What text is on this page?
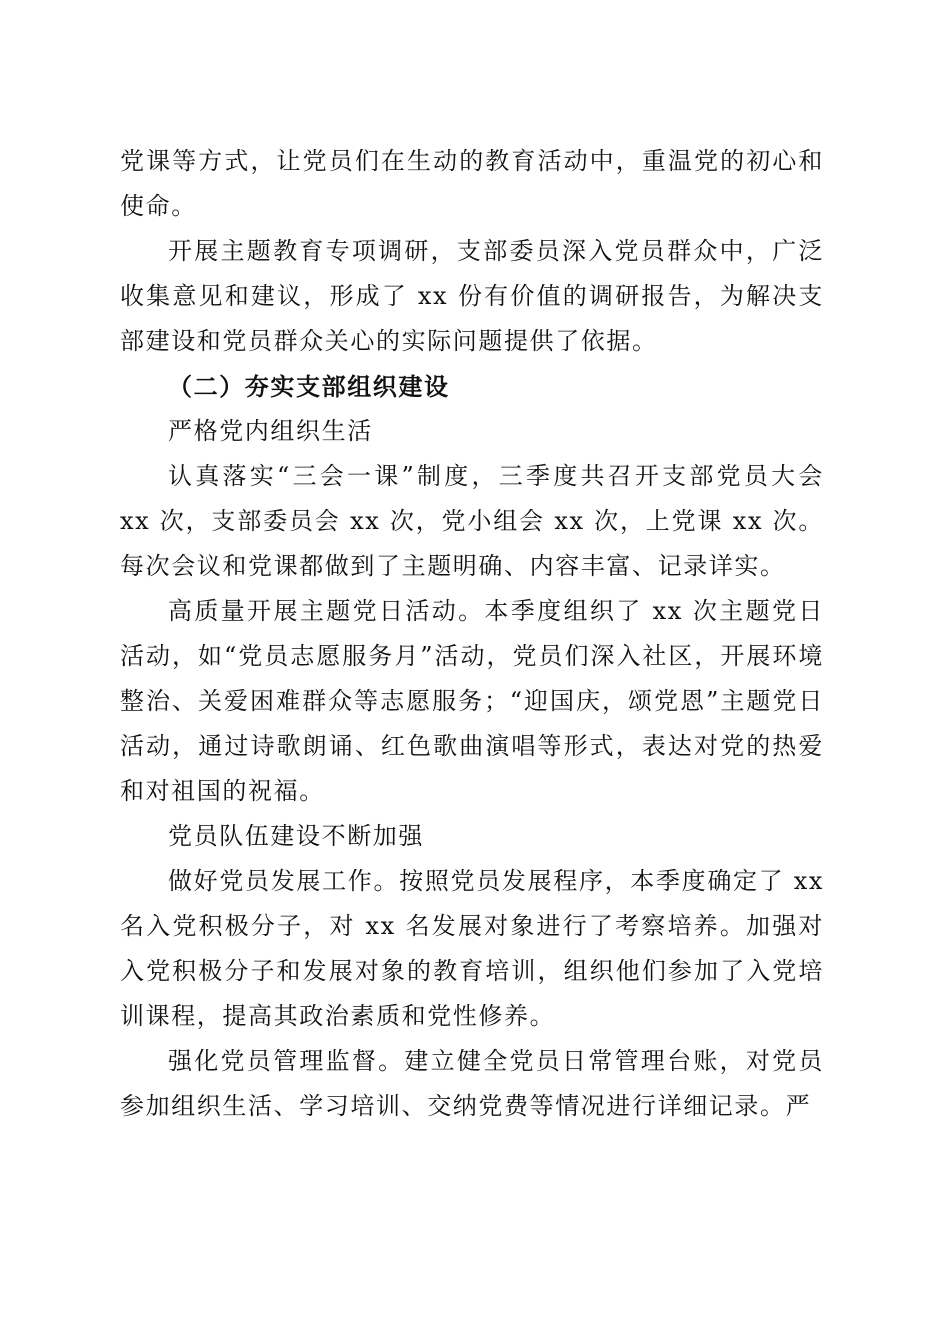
党课等方式，让党员们在生动的教育活动中，重温党的初心和使命。

开展主题教育专项调研，支部委员深入党员群众中，广泛收集意见和建议，形成了 xx 份有价值的调研报告，为解决支部建设和党员群众关心的实际问题提供了依据。

（二）夯实支部组织建设

严格党内组织生活

认真落实“三会一课”制度，三季度共召开支部党员大会 xx 次，支部委员会 xx 次，党小组会 xx 次，上党课 xx 次。每次会议和党课都做到了主题明确、内容丰富、记录详实。

高质量开展主题党日活动。本季度组织了 xx 次主题党日活动，如“党员志愿服务月”活动，党员们深入社区，开展环境整治、关爱困难群众等志愿服务；“迎国庆，颂党恩”主题党日活动，通过诗歌朗诵、红色歌曲演唱等形式，表达对党的热爱和对祖国的祝福。

党员队伍建设不断加强

做好党员发展工作。按照党员发展程序，本季度确定了 xx 名入党积极分子，对 xx 名发展对象进行了考察培养。加强对入党积极分子和发展对象的教育培训，组织他们参加了入党培训课程，提高其政治素质和党性修养。

强化党员管理监督。建立健全党员日常管理台账，对党员参加组织生活、学习培训、交纳党费等情况进行详细记录。严
